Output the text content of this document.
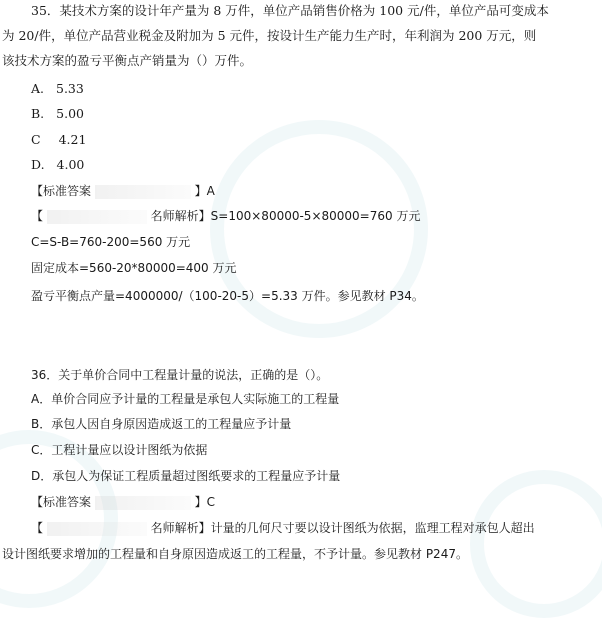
35．某技术方案的设计年产量为 8 万件，单位产品销售价格为 100 元/件，单位产品可变成本
为 20/件，单位产品营业税金及附加为 5 元件，按设计生产能力生产时，年利润为 200 万元，则
该技术方案的盈亏平衡点产销量为（）万件。
A. 5.33
B. 5.00
C 4.21
D. 4.00
【标准答案	】A
【	名师解析】S=100×80000-5×80000=760 万元
C=S-B=760-200=560 万元
固定成本=560-20*80000=400 万元
盈亏平衡点产量=4000000/（100-20-5）=5.33 万件。参见教材 P34。
36．关于单价合同中工程量计量的说法，正确的是（）。
A．单价合同应予计量的工程量是承包人实际施工的工程量
B．承包人因自身原因造成返工的工程量应予计量
C．工程计量应以设计图纸为依据
D．承包人为保证工程质量超过图纸要求的工程量应予计量
【标准答案	】C
【	名师解析】计量的几何尺寸要以设计图纸为依据，监理工程对承包人超出
设计图纸要求增加的工程量和自身原因造成返工的工程量，不予计量。参见教材 P247。
